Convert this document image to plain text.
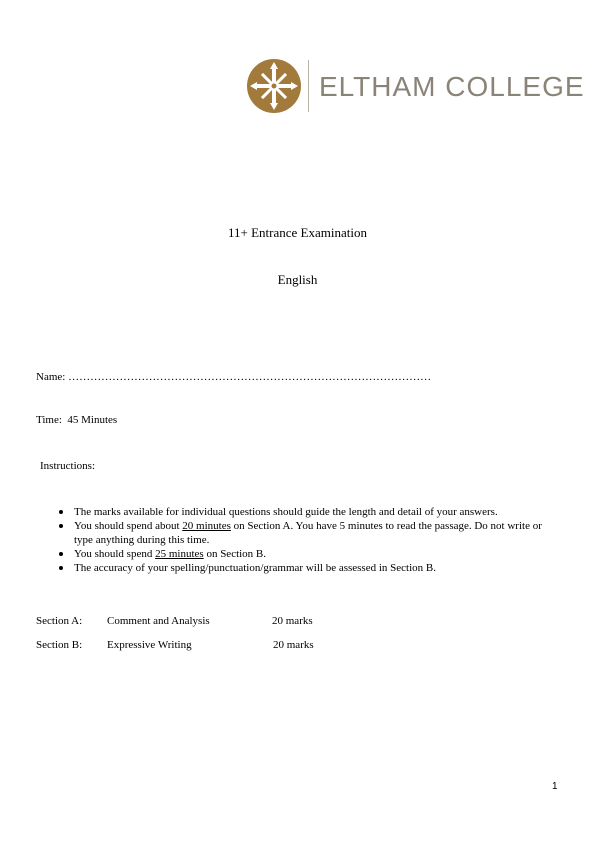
ELTHAM COLLEGE
11+ Entrance Examination
English
Name: ………………………………………………………………………………………
Time: 45 Minutes
Instructions:
The marks available for individual questions should guide the length and detail of your answers.
You should spend about 20 minutes on Section A. You have 5 minutes to read the passage. Do not write or type anything during this time.
You should spend 25 minutes on Section B.
The accuracy of your spelling/punctuation/grammar will be assessed in Section B.
Section A: Comment and Analysis	20 marks
Section B: Expressive Writing	20 marks
1
